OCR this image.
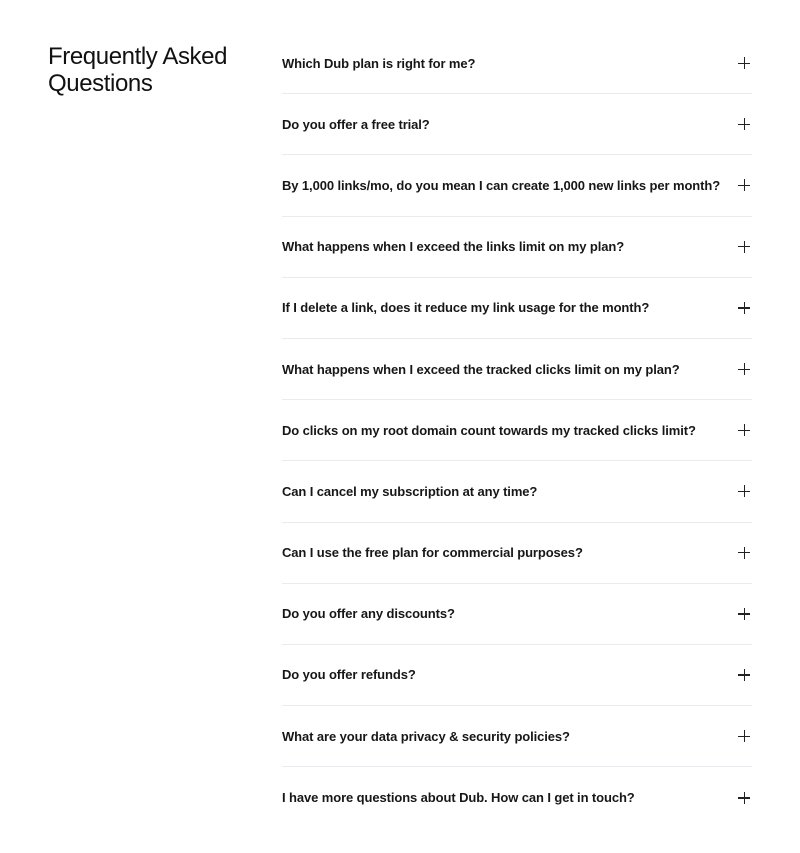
Frequently Asked Questions
Which Dub plan is right for me?
Do you offer a free trial?
By 1,000 links/mo, do you mean I can create 1,000 new links per month?
What happens when I exceed the links limit on my plan?
If I delete a link, does it reduce my link usage for the month?
What happens when I exceed the tracked clicks limit on my plan?
Do clicks on my root domain count towards my tracked clicks limit?
Can I cancel my subscription at any time?
Can I use the free plan for commercial purposes?
Do you offer any discounts?
Do you offer refunds?
What are your data privacy & security policies?
I have more questions about Dub. How can I get in touch?
